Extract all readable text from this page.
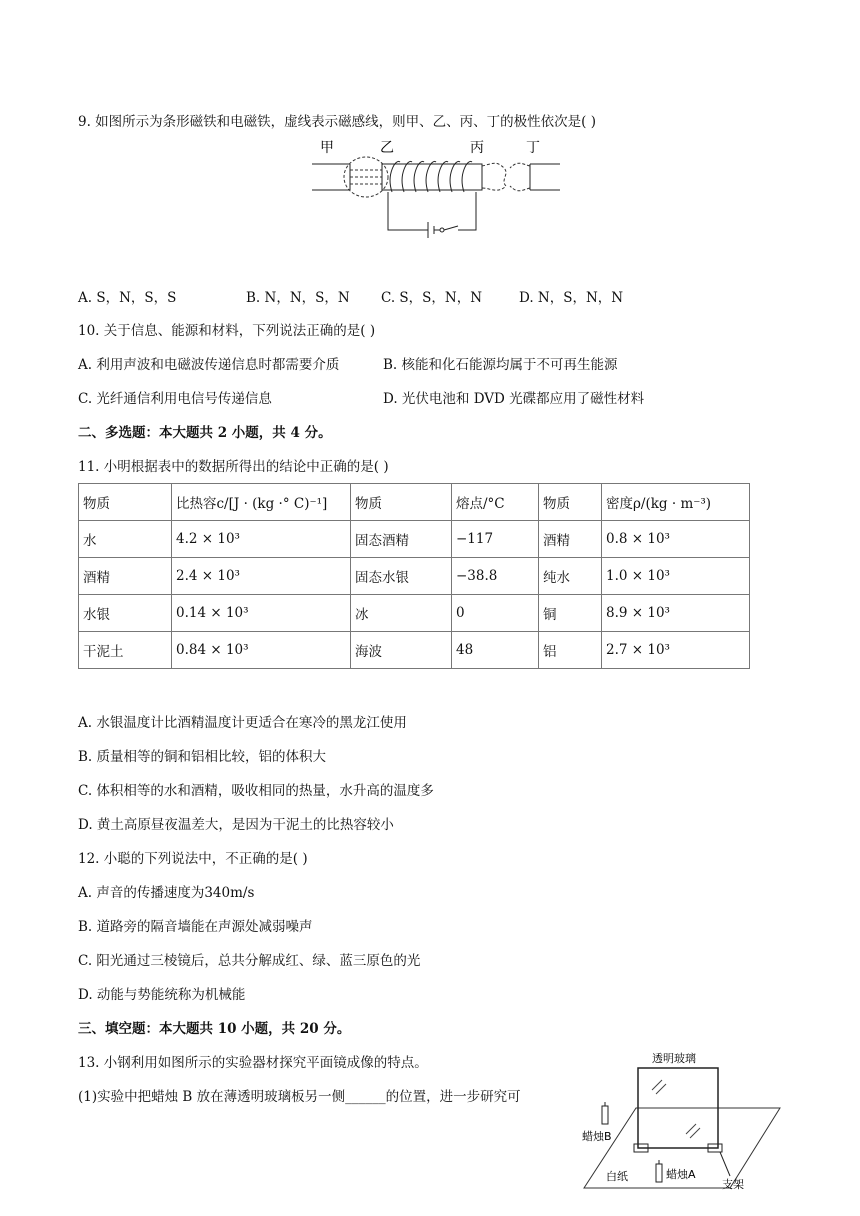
9. 如图所示为条形磁铁和电磁铁，虚线表示磁感线，则甲、乙、丙、丁的极性依次是( )
甲	乙	丙	丁
A. S，N，S，S	B. N，N，S，N C. S，S，N，N	D. N，S，N，N
10. 关于信息、能源和材料，下列说法正确的是( )
A. 利用声波和电磁波传递信息时都需要介质	B. 核能和化石能源均属于不可再生能源
C. 光纤通信利用电信号传递信息	D. 光伏电池和 DVD 光碟都应用了磁性材料
二、多选题：本大题共 2 小题，共 4 分。
11. 小明根据表中的数据所得出的结论中正确的是( )
物质	比热容c/[J · (kg ·° C)⁻¹]	物质	熔点/°C	物质	密度ρ/(kg · m⁻³)
水	4.2 × 10³	固态酒精	−117	酒精	0.8 × 10³
酒精	2.4 × 10³	固态水银	−38.8	纯水	1.0 × 10³
水银	0.14 × 10³	冰	0	铜	8.9 × 10³
干泥土	0.84 × 10³	海波	48	铝	2.7 × 10³
A. 水银温度计比酒精温度计更适合在寒冷的黑龙江使用
B. 质量相等的铜和铝相比较，铝的体积大
C. 体积相等的水和酒精，吸收相同的热量，水升高的温度多
D. 黄土高原昼夜温差大，是因为干泥土的比热容较小
12. 小聪的下列说法中，不正确的是( )
A. 声音的传播速度为340m/s
B. 道路旁的隔音墙能在声源处减弱噪声
C. 阳光通过三棱镜后，总共分解成红、绿、蓝三原色的光
D. 动能与势能统称为机械能
三、填空题：本大题共 10 小题，共 20 分。
13. 小钢利用如图所示的实验器材探究平面镜成像的特点。
(1)实验中把蜡烛 B 放在薄透明玻璃板另一侧______的位置，进一步研究可
透明玻璃
蜡烛B
白纸	蜡烛A
支架
